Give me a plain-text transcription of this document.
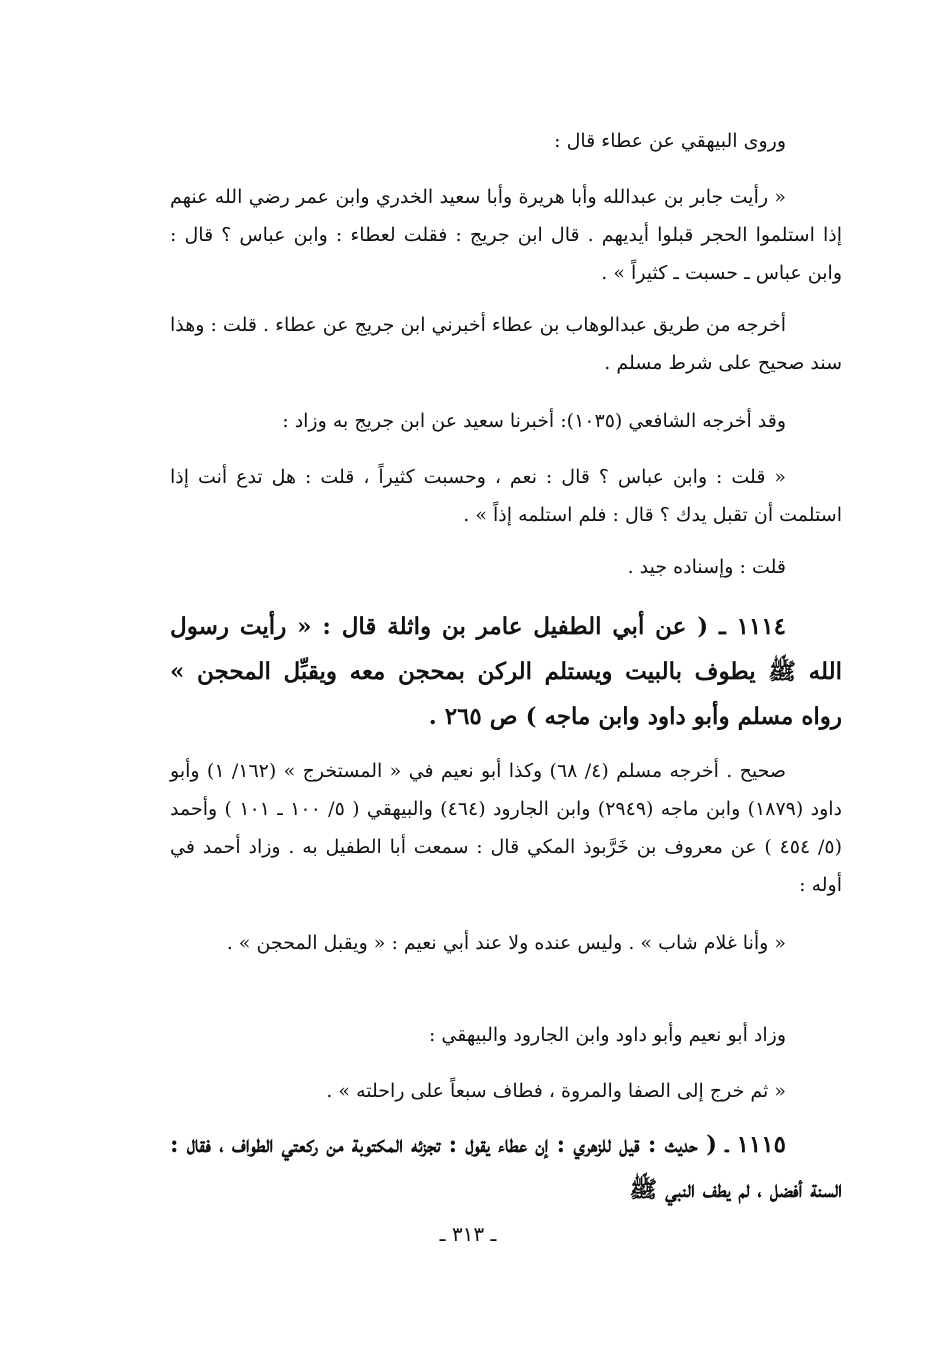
وروى البيهقي عن عطاء قال :

« رأيت جابر بن عبدالله وأبا هريرة وأبا سعيد الخدري وابن عمر رضي الله عنهم إذا استلموا الحجر قبلوا أيديهم . قال ابن جريج : فقلت لعطاء : وابن عباس ؟ قال : وابن عباس ـ حسبت ـ كثيراً » .

أخرجه من طريق عبدالوهاب بن عطاء أخبرني ابن جريج عن عطاء . قلت : وهذا سند صحيح على شرط مسلم .

وقد أخرجه الشافعي (١٠٣٥): أخبرنا سعيد عن ابن جريج به وزاد :

« قلت : وابن عباس ؟ قال : نعم ، وحسبت كثيراً ، قلت : هل تدع أنت إذا استلمت أن تقبل يدك ؟ قال : فلم استلمه إذاً » .

قلت : وإسناده جيد .

١١١٤ ـ ( عن أبي الطفيل عامر بن واثلة قال : « رأيت رسول الله ﷺ يطوف بالبيت ويستلم الركن بمحجن معه ويقبِّل المحجن » رواه مسلم وأبو داود وابن ماجه ) ص ٢٦٥ .

صحيح . أخرجه مسلم (٤/ ٦٨) وكذا أبو نعيم في « المستخرج » (١٦٢/ ١) وأبو داود (١٨٧٩) وابن ماجه (٢٩٤٩) وابن الجارود (٤٦٤) والبيهقي ( ٥/ ١٠٠ ـ ١٠١ ) وأحمد (٥/ ٤٥٤ ) عن معروف بن خَرَّبوذ المكي قال : سمعت أبا الطفيل به . وزاد أحمد في أوله :

« وأنا غلام شاب » . وليس عنده ولا عند أبي نعيم : « ويقبل المحجن » .

وزاد أبو نعيم وأبو داود وابن الجارود والبيهقي :

« ثم خرج إلى الصفا والمروة ، فطاف سبعاً على راحلته » .

١١١٥ ـ ( حديث : قيل للزهري : إن عطاء يقول : تجزئه المكتوبة من ركعتي الطواف ، فقال : السنة أفضل ، لم يطف النبي ﷺ

ـ ٣١٣ ـ
